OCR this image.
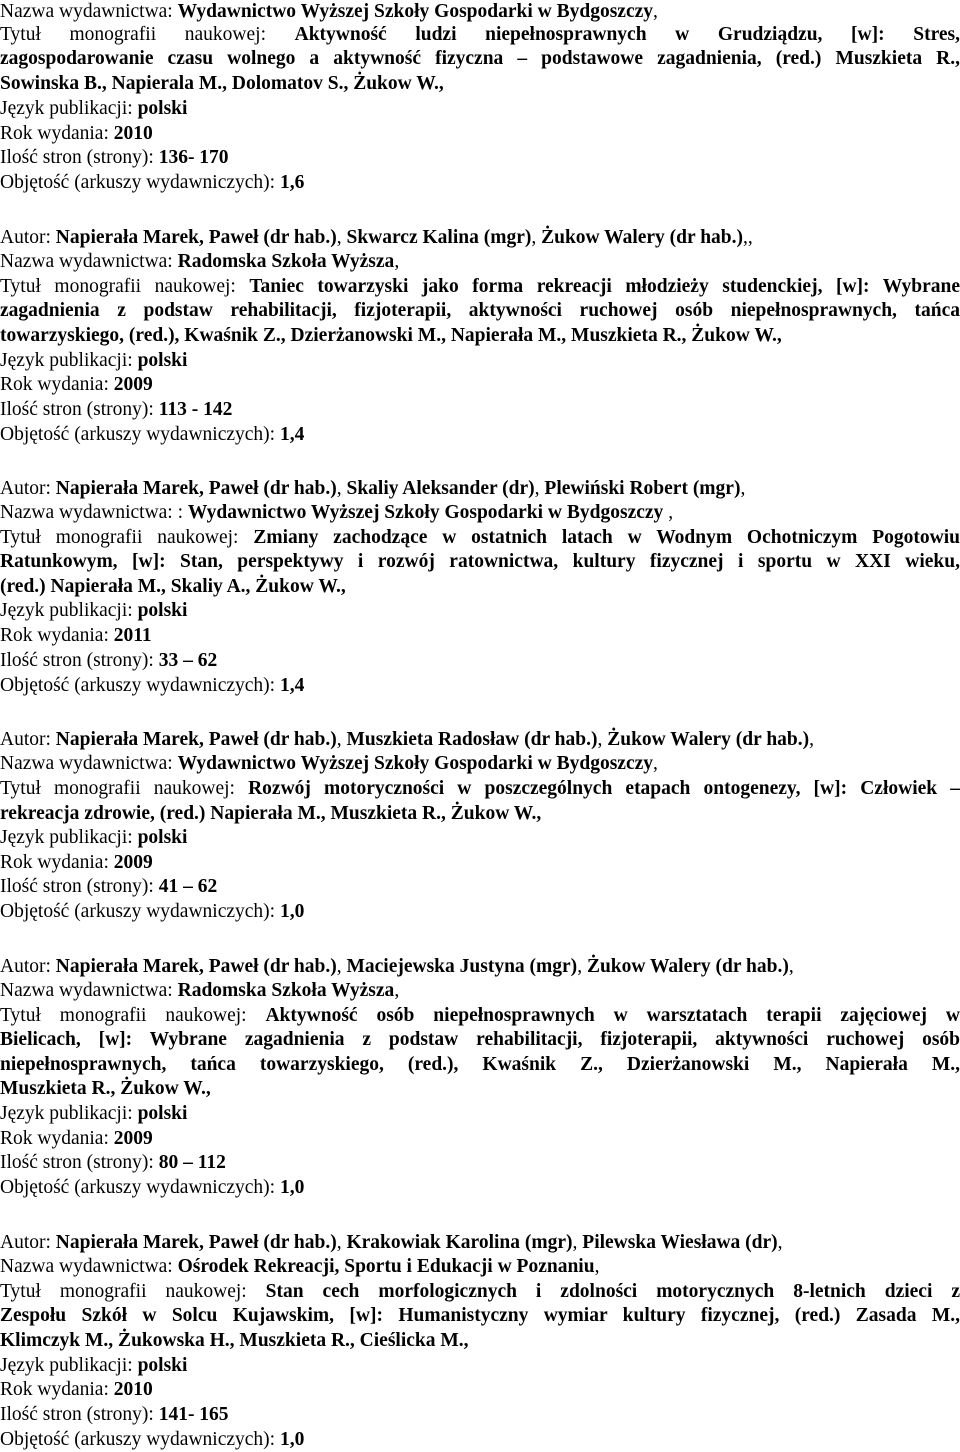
Nazwa wydawnictwa: Wydawnictwo Wyższej Szkoły Gospodarki w Bydgoszczy,

Tytuł monografii naukowej: Aktywność ludzi niepełnosprawnych w Grudziądzu, [w]: Stres,

zagospodarowanie czasu wolnego a aktywność fizyczna – podstawowe zagadnienia, (red.) Muszkieta R.,

Sowinska B., Napierala M., Dolomatov S., Żukow W.,

Język publikacji: polski

Rok wydania: 2010

Ilość stron (strony): 136- 170

Objętość (arkuszy wydawniczych): 1,6

Autor: Napierała Marek, Paweł (dr hab.), Skwarcz Kalina (mgr), Żukow Walery (dr hab.),,

Nazwa wydawnictwa: Radomska Szkoła Wyższa,

Tytuł monografii naukowej: Taniec towarzyski jako forma rekreacji młodzieży studenckiej, [w]: Wybrane

zagadnienia z podstaw rehabilitacji, fizjoterapii, aktywności ruchowej osób niepełnosprawnych, tańca

towarzyskiego, (red.), Kwaśnik Z., Dzierżanowski M., Napierała M., Muszkieta R., Żukow W.,

Język publikacji: polski

Rok wydania: 2009

Ilość stron (strony): 113 - 142

Objętość (arkuszy wydawniczych): 1,4

Autor: Napierała Marek, Paweł (dr hab.), Skaliy Aleksander (dr), Plewiński Robert (mgr),

Nazwa wydawnictwa: : Wydawnictwo Wyższej Szkoły Gospodarki w Bydgoszczy ,

Tytuł monografii naukowej: Zmiany zachodzące w ostatnich latach w Wodnym Ochotniczym Pogotowiu

Ratunkowym, [w]: Stan, perspektywy i rozwój ratownictwa, kultury fizycznej i sportu w XXI wieku,

(red.) Napierała M., Skaliy A., Żukow W.,

Język publikacji: polski

Rok wydania: 2011

Ilość stron (strony): 33 – 62

Objętość (arkuszy wydawniczych): 1,4

Autor: Napierała Marek, Paweł (dr hab.), Muszkieta Radosław (dr hab.), Żukow Walery (dr hab.),

Nazwa wydawnictwa: Wydawnictwo Wyższej Szkoły Gospodarki w Bydgoszczy,

Tytuł monografii naukowej: Rozwój motoryczności w poszczególnych etapach ontogenezy, [w]: Człowiek –

rekreacja zdrowie, (red.) Napierała M., Muszkieta R., Żukow W.,

Język publikacji: polski

Rok wydania: 2009

Ilość stron (strony): 41 – 62

Objętość (arkuszy wydawniczych): 1,0

Autor: Napierała Marek, Paweł (dr hab.), Maciejewska Justyna (mgr), Żukow Walery (dr hab.),

Nazwa wydawnictwa: Radomska Szkoła Wyższa,

Tytuł monografii naukowej: Aktywność osób niepełnosprawnych w warsztatach terapii zajęciowej w

Bielicach, [w]: Wybrane zagadnienia z podstaw rehabilitacji, fizjoterapii, aktywności ruchowej osób

niepełnosprawnych, tańca towarzyskiego, (red.), Kwaśnik Z., Dzierżanowski M., Napierała M.,

Muszkieta R., Żukow W.,

Język publikacji: polski

Rok wydania: 2009

Ilość stron (strony): 80 – 112

Objętość (arkuszy wydawniczych): 1,0

Autor: Napierała Marek, Paweł (dr hab.), Krakowiak Karolina (mgr), Pilewska Wiesława (dr),

Nazwa wydawnictwa: Ośrodek Rekreacji, Sportu i Edukacji w Poznaniu,

Tytuł monografii naukowej: Stan cech morfologicznych i zdolności motorycznych 8-letnich dzieci z

Zespołu Szkół w Solcu Kujawskim, [w]: Humanistyczny wymiar kultury fizycznej, (red.) Zasada M.,

Klimczyk M., Żukowska H., Muszkieta R., Cieślicka M.,

Język publikacji: polski

Rok wydania: 2010

Ilość stron (strony): 141- 165

Objętość (arkuszy wydawniczych): 1,0
